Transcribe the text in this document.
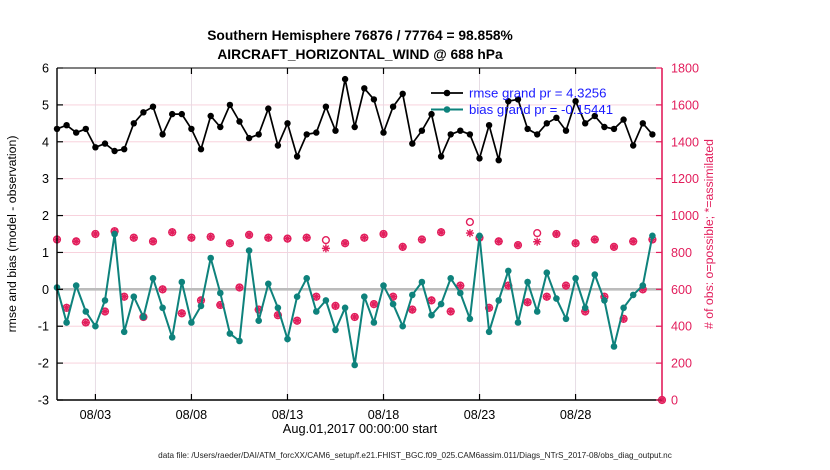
-3
-2
-1
0
1
2
3
4
5
6
0
200
400
600
800
1000
1200
1400
1600
1800
08/03	08/08	08/13	08/18	08/23	08/28
Southern Hemisphere 76876 / 77764 = 98.858%
AIRCRAFT_HORIZONTAL_WIND @ 688 hPa
rmse and bias (model - observation)	# of obs: o=possible; *=assimilated
Aug.01,2017 00:00:00 start
rmse grand pr = 4.3256
bias grand pr = -0.15441
data file: /Users/raeder/DAI/ATM_forcXX/CAM6_setup/f.e21.FHIST_BGC.f09_025.CAM6assim.011/Diags_NTrS_2017-08/obs_diag_output.nc
